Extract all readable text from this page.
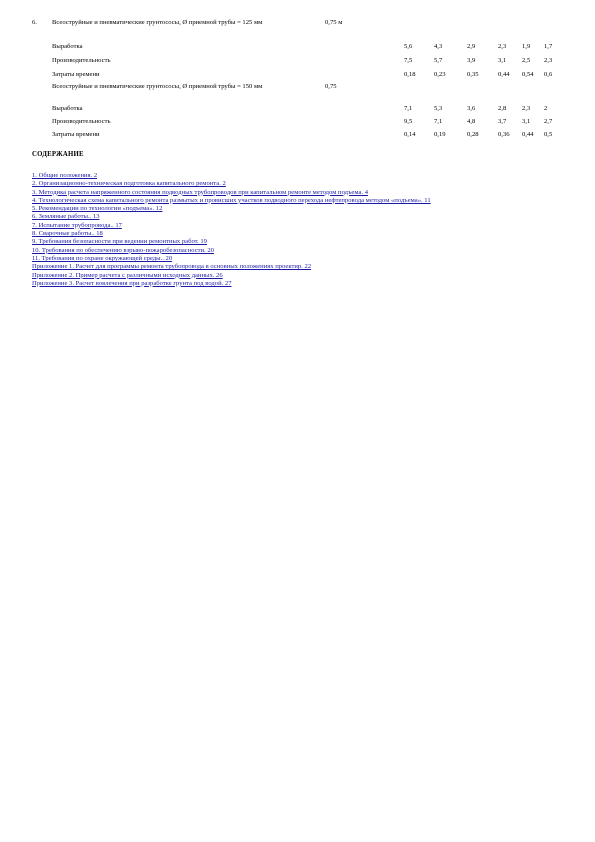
6. Всеоструйные и пневматические грунтососы, Ø приемной трубы = 125 мм	0,75 м
Выработка	5,6	4,3	2,9	2,3 1,9 1,7
Производительность	7,5	5,7	3,9	3,1 2,5 2,3
Затраты времени	0,18	0,23	0,35	0,44 0,54 0,6
Всеоструйные и пневматические грунтососы, Ø приемной трубы = 150 мм	0,75
Выработка	7,1	5,3	3,6	2,8 2,3 2
Производительность	9,5	7,1	4,8	3,7 3,1 2,7
Затраты времени	0,14	0,19	0,28	0,36 0,44 0,5
СОДЕРЖАНИЕ
1. Общие положения. 2
2. Организационно-техническая подготовка капитального ремонта. 2
3. Методика расчета напряженного состояния подводных трубопроводов при капитальном ремонте методом подъема. 4
4. Технологическая схема капитального ремонта размытых и провисших участков подводного перехода нефтепровода методом «подъема». 11
5. Рекомендации по технологии «подъема». 12
6. Земляные работы.. 13
7. Испытание трубопровода.. 17
8. Сварочные работы.. 18
9. Требования безопасности при ведении ремонтных работ. 19
10. Требования по обеспечению взрыво-пожаробезопасности. 20
11. Требования по охране окружающей среды.. 20
Приложение 1. Расчет для программы ремонта трубопровода в основных положениях проектир. 22
Приложение 2. Пример расчета с различными исходных данных. 26
Приложение 3. Расчет вовлечения при разработке грунта под водой. 27
